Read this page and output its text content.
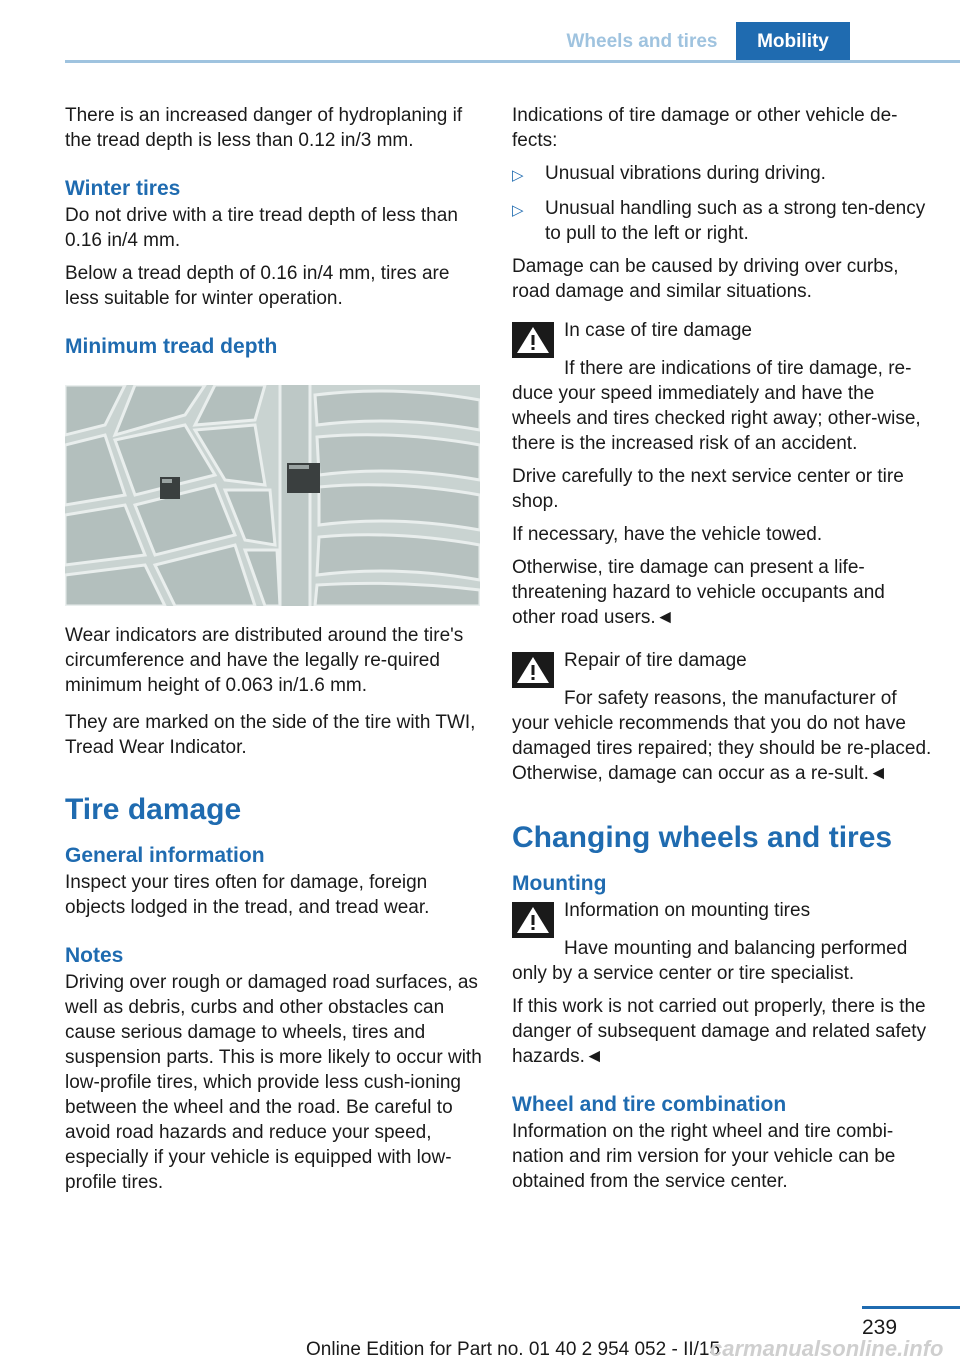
Wheels and tires	Mobility

There is an increased danger of hydroplaning if the tread depth is less than 0.12 in/3 mm.

Winter tires

Do not drive with a tire tread depth of less than 0.16 in/4 mm.

Below a tread depth of 0.16 in/4 mm, tires are less suitable for winter operation.

Minimum tread depth

Wear indicators are distributed around the tire's circumference and have the legally re-quired minimum height of 0.063 in/1.6 mm.

They are marked on the side of the tire with TWI, Tread Wear Indicator.

Tire damage
General information

Inspect your tires often for damage, foreign objects lodged in the tread, and tread wear.

Notes

Driving over rough or damaged road surfaces, as well as debris, curbs and other obstacles can cause serious damage to wheels, tires and suspension parts. This is more likely to occur with low-profile tires, which provide less cush-ioning between the wheel and the road. Be careful to avoid road hazards and reduce your speed, especially if your vehicle is equipped with low-profile tires.

Indications of tire damage or other vehicle de-fects:

▷	Unusual vibrations during driving.
▷	Unusual handling such as a strong ten-dency to pull to the left or right.

Damage can be caused by driving over curbs, road damage and similar situations.

In case of tire damage

If there are indications of tire damage, re-duce your speed immediately and have the wheels and tires checked right away; other-wise, there is the increased risk of an accident.

Drive carefully to the next service center or tire shop.

If necessary, have the vehicle towed.

Otherwise, tire damage can present a life-threatening hazard to vehicle occupants and other road users.◄

Repair of tire damage

For safety reasons, the manufacturer of your vehicle recommends that you do not have damaged tires repaired; they should be re-placed. Otherwise, damage can occur as a re-sult.◄

Changing wheels and tires
Mounting
Information on mounting tires

Have mounting and balancing performed only by a service center or tire specialist.

If this work is not carried out properly, there is the danger of subsequent damage and related safety hazards.◄

Wheel and tire combination

Information on the right wheel and tire combi-nation and rim version for your vehicle can be obtained from the service center.

239
Online Edition for Part no. 01 40 2 954 052 - II/15
carmanualsonline.info
